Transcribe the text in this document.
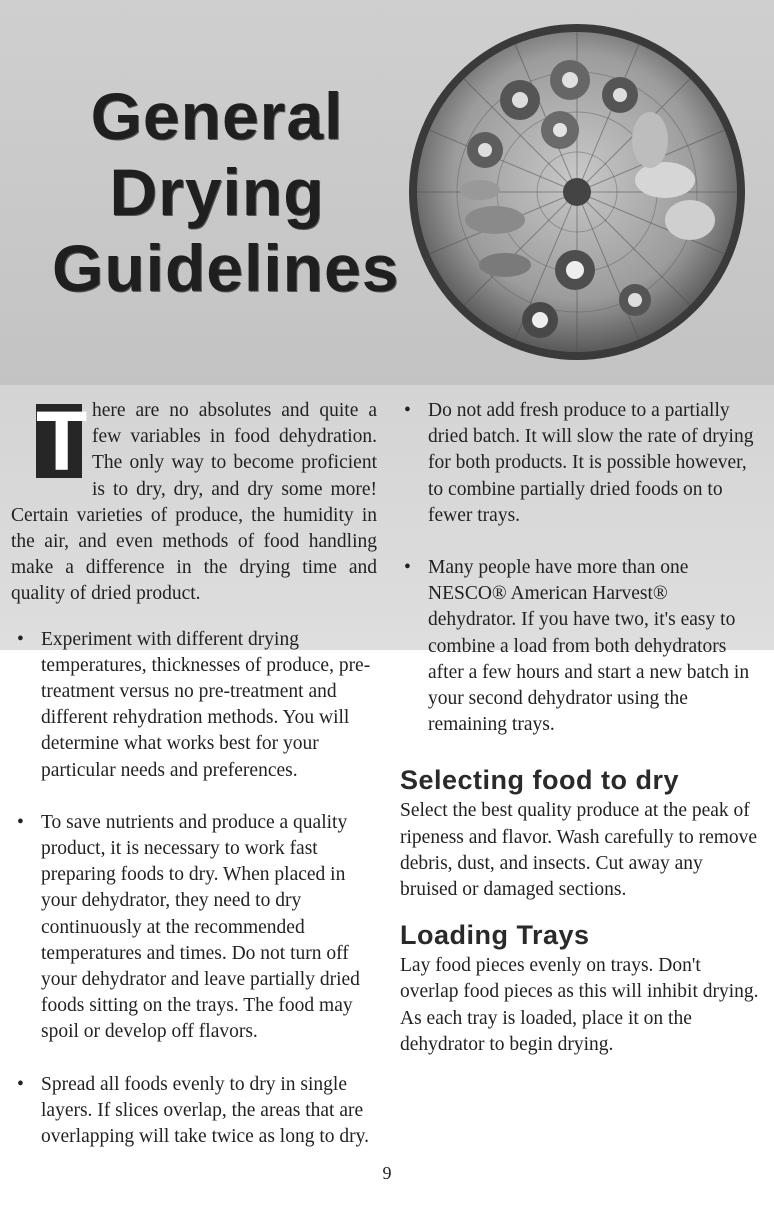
General
Drying
Guidelines

T here are no absolutes and quite a few variables in food dehydration. The only way to become proficient is to dry, dry, and dry some more! Certain varieties of produce, the humidity in the air, and even methods of food handling make a difference in the drying time and quality of dried product.

• Experiment with different drying temperatures, thicknesses of produce, pre-treatment versus no pre-treatment and different rehydration methods. You will determine what works best for your particular needs and preferences.
• To save nutrients and produce a quality product, it is necessary to work fast preparing foods to dry. When placed in your dehydrator, they need to dry continuously at the recommended temperatures and times. Do not turn off your dehydrator and leave partially dried foods sitting on the trays. The food may spoil or develop off flavors.
• Spread all foods evenly to dry in single layers. If slices overlap, the areas that are overlapping will take twice as long to dry.
• Do not add fresh produce to a partially dried batch. It will slow the rate of drying for both products. It is possible however, to combine partially dried foods on to fewer trays.
• Many people have more than one NESCO® American Harvest® dehydrator. If you have two, it's easy to combine a load from both dehydrators after a few hours and start a new batch in your second dehydrator using the remaining trays.
Selecting food to dry

Select the best quality produce at the peak of ripeness and flavor. Wash carefully to remove debris, dust, and insects. Cut away any bruised or damaged sections.

Loading Trays

Lay food pieces evenly on trays. Don't overlap food pieces as this will inhibit drying. As each tray is loaded, place it on the dehydrator to begin drying.

9
